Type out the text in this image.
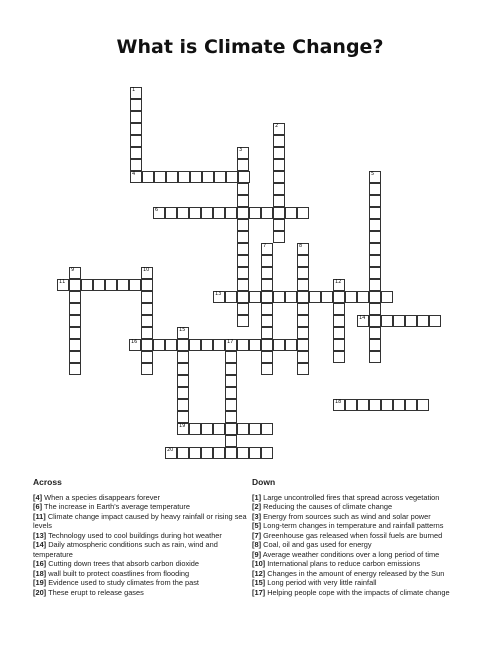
What is Climate Change?
1
4
2
3
5
6
7	8
9	10
11	12
13
14
15
19
16	17
18
20
Across
[4] When a species disappears forever
[6] The increase in Earth's average temperature
[11] Climate change impact caused by heavy rainfall or rising sea levels
[13] Technology used to cool buildings during hot weather
[14] Daily atmospheric conditions such as rain, wind and temperature
[16] Cutting down trees that absorb carbon dioxide
[18] wall built to protect coastlines from flooding
[19] Evidence used to study climates from the past
[20] These erupt to release gases
Down
[1] Large uncontrolled fires that spread across vegetation
[2] Reducing the causes of climate change
[3] Energy from sources such as wind and solar power
[5] Long-term changes in temperature and rainfall patterns
[7] Greenhouse gas released when fossil fuels are burned
[8] Coal, oil and gas used for energy
[9] Average weather conditions over a long period of time
[10] International plans to reduce carbon emissions
[12] Changes in the amount of energy released by the Sun
[15] Long period with very little rainfall
[17] Helping people cope with the impacts of climate change
